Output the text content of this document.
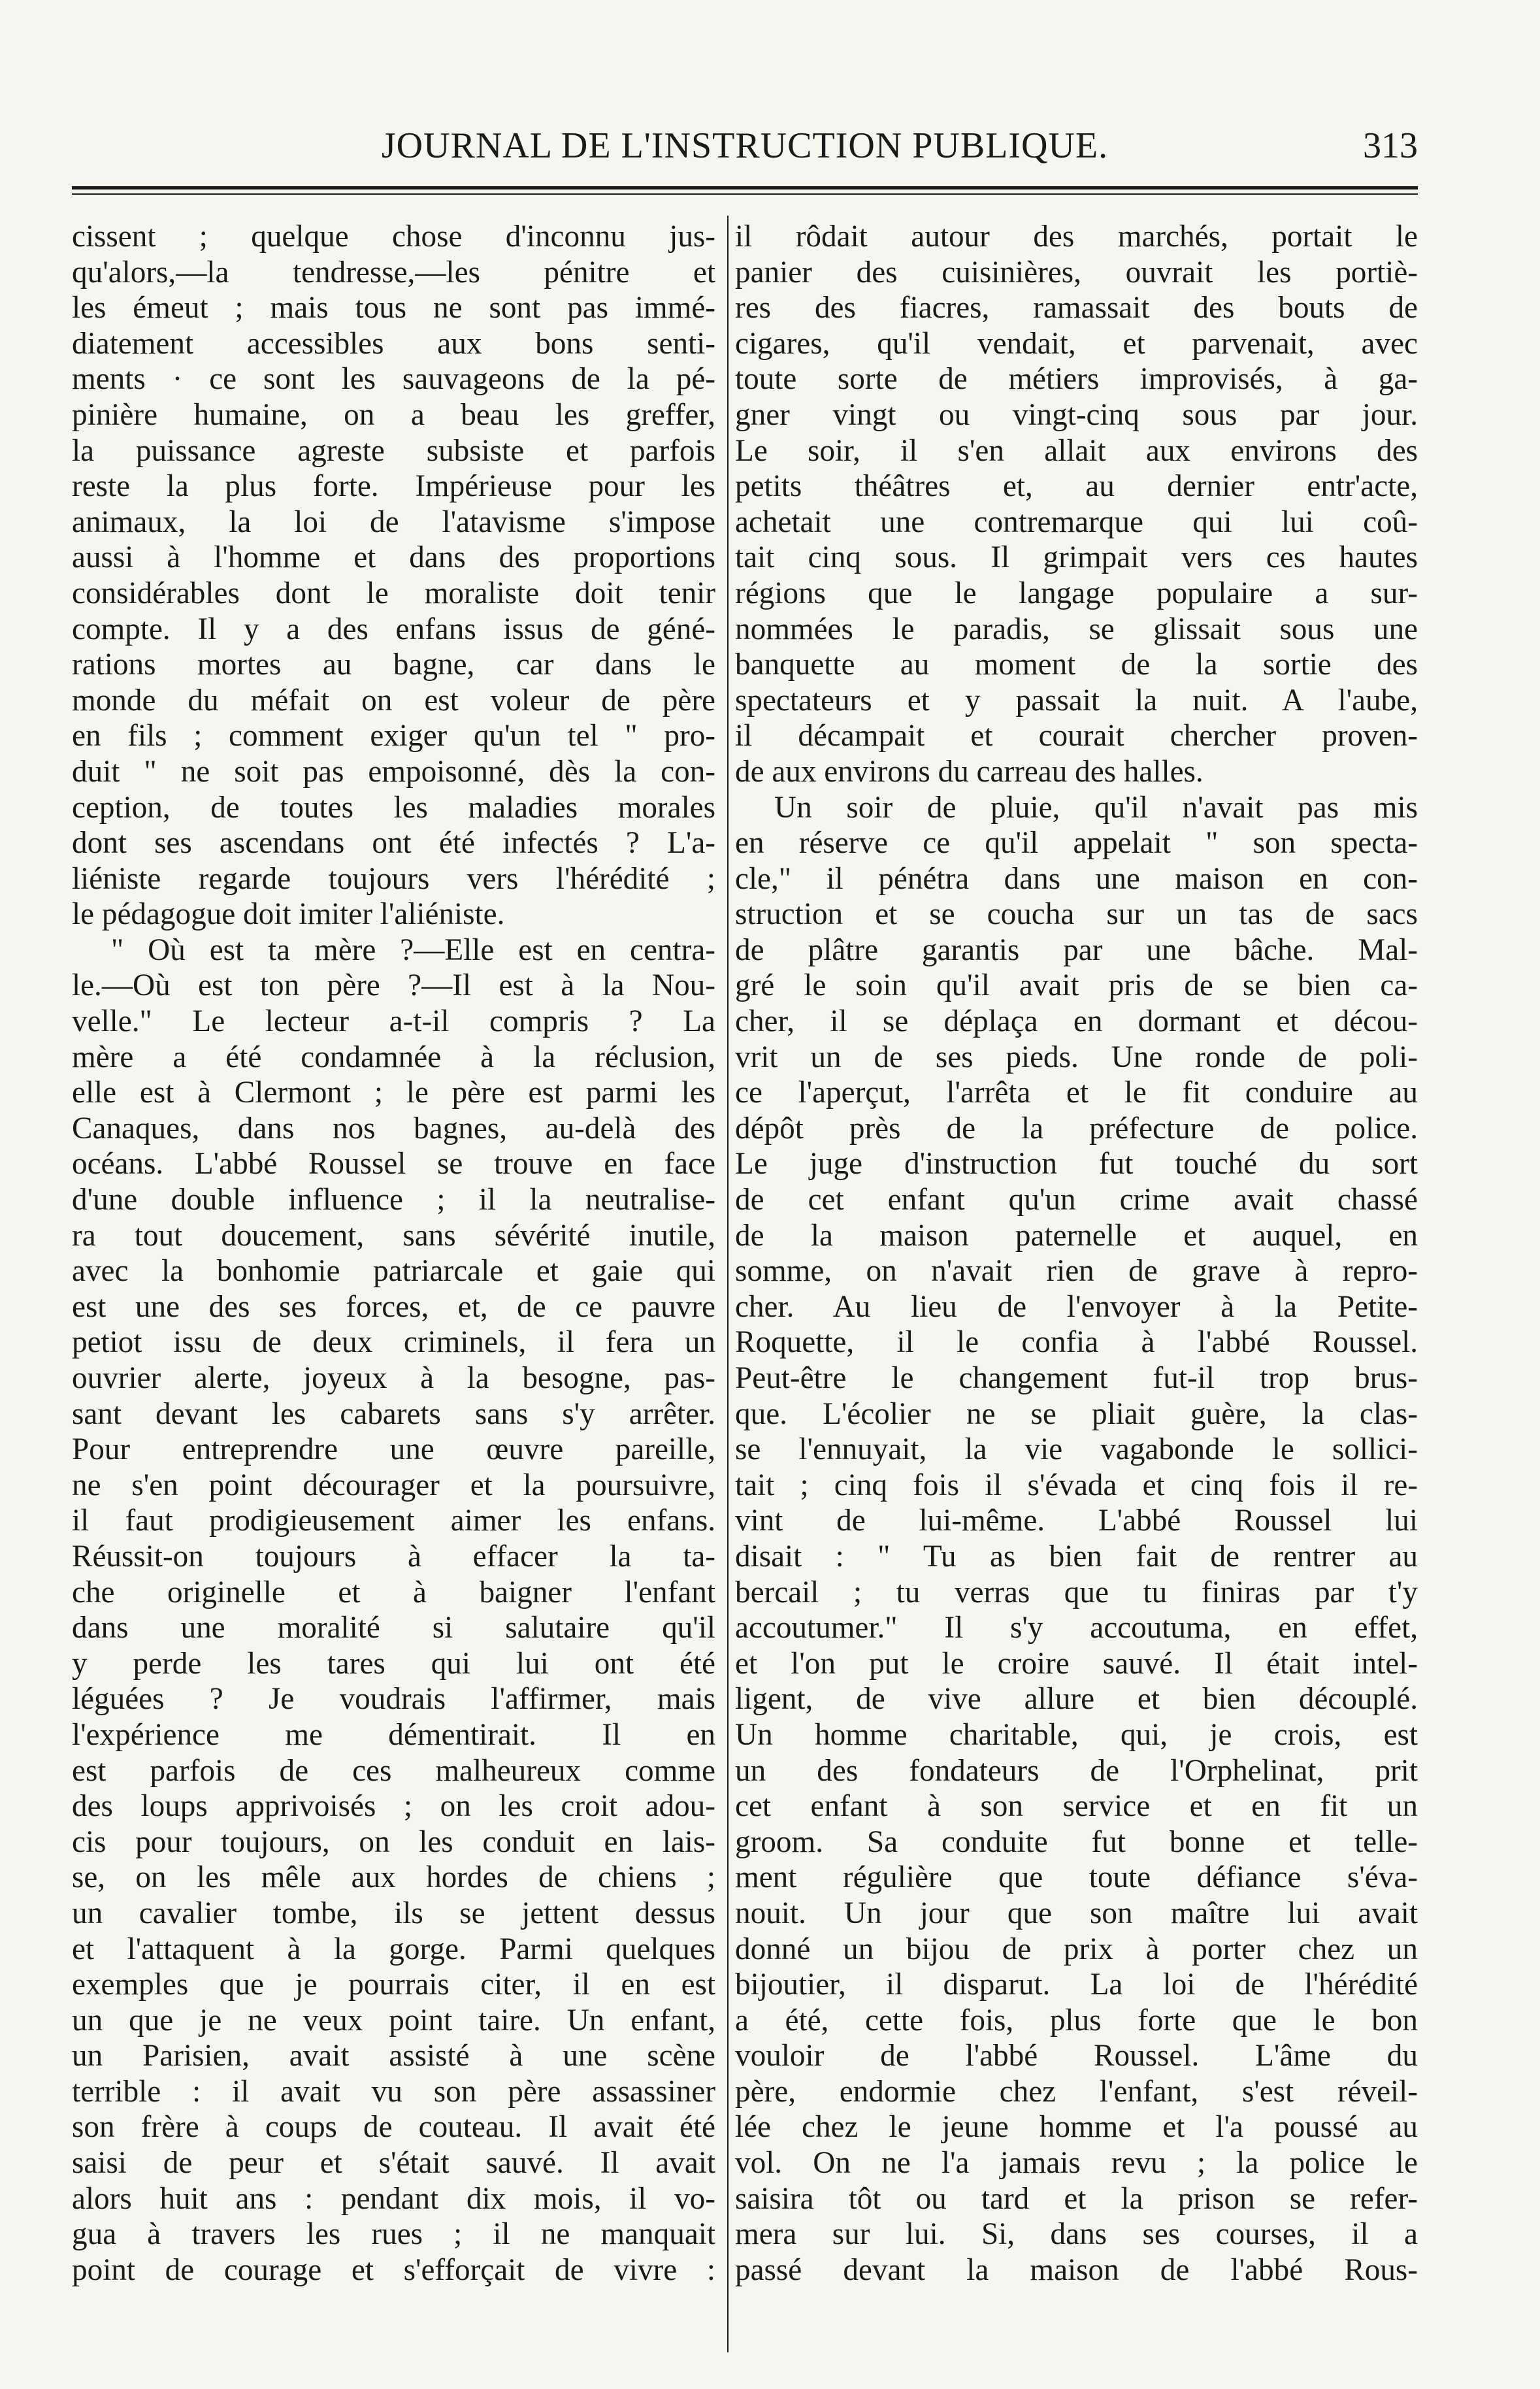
JOURNAL DE L'INSTRUCTION PUBLIQUE.	313
cissent ; quelque chose d'inconnu jus-
qu'alors,—la tendresse,—les pénitre et
les émeut ; mais tous ne sont pas immé-
diatement accessibles aux bons senti-
ments · ce sont les sauvageons de la pé-
pinière humaine, on a beau les greffer,
la puissance agreste subsiste et parfois
reste la plus forte. Impérieuse pour les
animaux, la loi de l'atavisme s'impose
aussi à l'homme et dans des proportions
considérables dont le moraliste doit tenir
compte. Il y a des enfans issus de géné-
rations mortes au bagne, car dans le
monde du méfait on est voleur de père
en fils ; comment exiger qu'un tel " pro-
duit " ne soit pas empoisonné, dès la con-
ception, de toutes les maladies morales
dont ses ascendans ont été infectés ? L'a-
liéniste regarde toujours vers l'hérédité ;
le pédagogue doit imiter l'aliéniste.
" Où est ta mère ?—Elle est en centra-
le.—Où est ton père ?—Il est à la Nou-
velle." Le lecteur a-t-il compris ? La
mère a été condamnée à la réclusion,
elle est à Clermont ; le père est parmi les
Canaques, dans nos bagnes, au-delà des
océans. L'abbé Roussel se trouve en face
d'une double influence ; il la neutralise-
ra tout doucement, sans sévérité inutile,
avec la bonhomie patriarcale et gaie qui
est une des ses forces, et, de ce pauvre
petiot issu de deux criminels, il fera un
ouvrier alerte, joyeux à la besogne, pas-
sant devant les cabarets sans s'y arrêter.
Pour entreprendre une œuvre pareille,
ne s'en point décourager et la poursuivre,
il faut prodigieusement aimer les enfans.
Réussit-on toujours à effacer la ta-
che originelle et à baigner l'enfant
dans une moralité si salutaire qu'il
y perde les tares qui lui ont été
léguées ? Je voudrais l'affirmer, mais
l'expérience me démentirait. Il en
est parfois de ces malheureux comme
des loups apprivoisés ; on les croit adou-
cis pour toujours, on les conduit en lais-
se, on les mêle aux hordes de chiens ;
un cavalier tombe, ils se jettent dessus
et l'attaquent à la gorge. Parmi quelques
exemples que je pourrais citer, il en est
un que je ne veux point taire. Un enfant,
un Parisien, avait assisté à une scène
terrible : il avait vu son père assassiner
son frère à coups de couteau. Il avait été
saisi de peur et s'était sauvé. Il avait
alors huit ans : pendant dix mois, il vo-
gua à travers les rues ; il ne manquait
point de courage et s'efforçait de vivre :
il rôdait autour des marchés, portait le
panier des cuisinières, ouvrait les portiè-
res des fiacres, ramassait des bouts de
cigares, qu'il vendait, et parvenait, avec
toute sorte de métiers improvisés, à ga-
gner vingt ou vingt-cinq sous par jour.
Le soir, il s'en allait aux environs des
petits théâtres et, au dernier entr'acte,
achetait une contremarque qui lui coû-
tait cinq sous. Il grimpait vers ces hautes
régions que le langage populaire a sur-
nommées le paradis, se glissait sous une
banquette au moment de la sortie des
spectateurs et y passait la nuit. A l'aube,
il décampait et courait chercher proven-
de aux environs du carreau des halles.
Un soir de pluie, qu'il n'avait pas mis
en réserve ce qu'il appelait " son specta-
cle," il pénétra dans une maison en con-
struction et se coucha sur un tas de sacs
de plâtre garantis par une bâche. Mal-
gré le soin qu'il avait pris de se bien ca-
cher, il se déplaça en dormant et décou-
vrit un de ses pieds. Une ronde de poli-
ce l'aperçut, l'arrêta et le fit conduire au
dépôt près de la préfecture de police.
Le juge d'instruction fut touché du sort
de cet enfant qu'un crime avait chassé
de la maison paternelle et auquel, en
somme, on n'avait rien de grave à repro-
cher. Au lieu de l'envoyer à la Petite-
Roquette, il le confia à l'abbé Roussel.
Peut-être le changement fut-il trop brus-
que. L'écolier ne se pliait guère, la clas-
se l'ennuyait, la vie vagabonde le sollici-
tait ; cinq fois il s'évada et cinq fois il re-
vint de lui-même. L'abbé Roussel lui
disait : " Tu as bien fait de rentrer au
bercail ; tu verras que tu finiras par t'y
accoutumer." Il s'y accoutuma, en effet,
et l'on put le croire sauvé. Il était intel-
ligent, de vive allure et bien découplé.
Un homme charitable, qui, je crois, est
un des fondateurs de l'Orphelinat, prit
cet enfant à son service et en fit un
groom. Sa conduite fut bonne et telle-
ment régulière que toute défiance s'éva-
nouit. Un jour que son maître lui avait
donné un bijou de prix à porter chez un
bijoutier, il disparut. La loi de l'hérédité
a été, cette fois, plus forte que le bon
vouloir de l'abbé Roussel. L'âme du
père, endormie chez l'enfant, s'est réveil-
lée chez le jeune homme et l'a poussé au
vol. On ne l'a jamais revu ; la police le
saisira tôt ou tard et la prison se refer-
mera sur lui. Si, dans ses courses, il a
passé devant la maison de l'abbé Rous-
